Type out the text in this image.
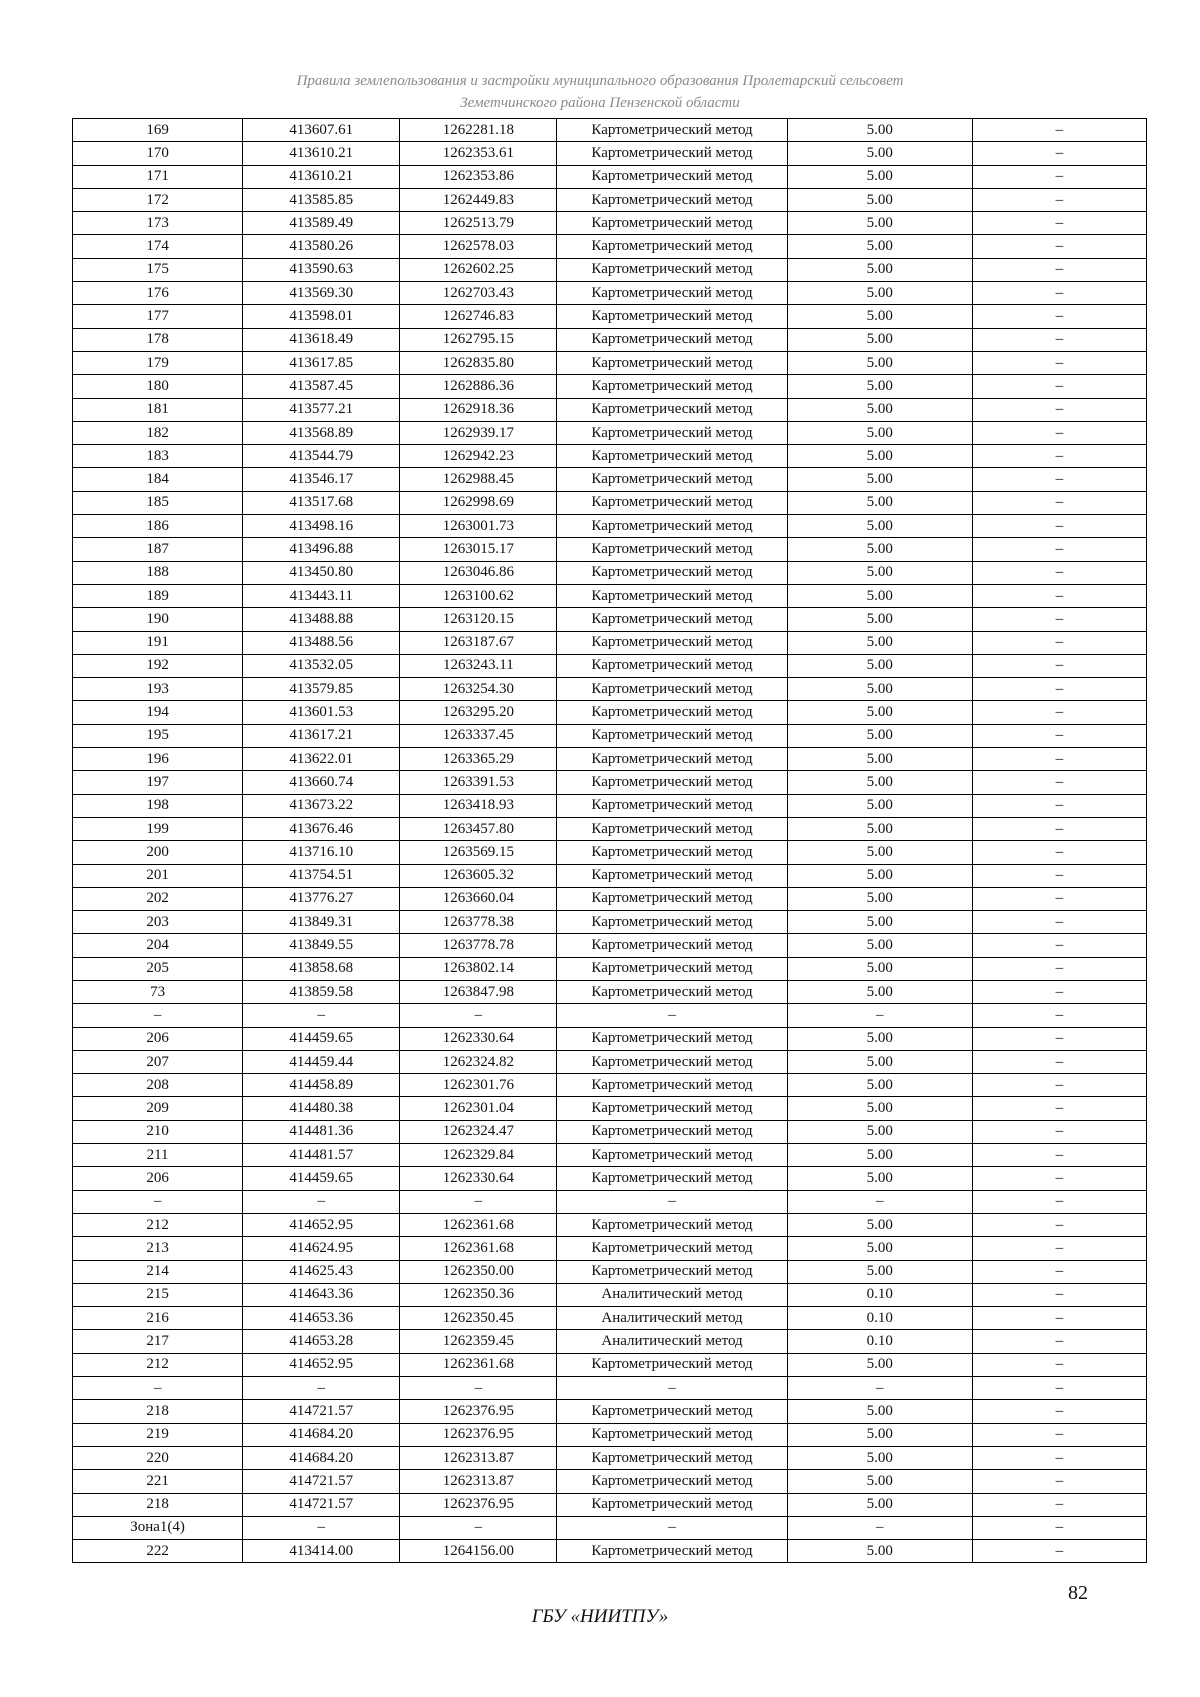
Правила землепользования и застройки муниципального образования Пролетарский сельсовет
Земетчинского района Пензенской области
169	413607.61	1262281.18	Картометрический метод	5.00	–
170	413610.21	1262353.61	Картометрический метод	5.00	–
171	413610.21	1262353.86	Картометрический метод	5.00	–
172	413585.85	1262449.83	Картометрический метод	5.00	–
173	413589.49	1262513.79	Картометрический метод	5.00	–
174	413580.26	1262578.03	Картометрический метод	5.00	–
175	413590.63	1262602.25	Картометрический метод	5.00	–
176	413569.30	1262703.43	Картометрический метод	5.00	–
177	413598.01	1262746.83	Картометрический метод	5.00	–
178	413618.49	1262795.15	Картометрический метод	5.00	–
179	413617.85	1262835.80	Картометрический метод	5.00	–
180	413587.45	1262886.36	Картометрический метод	5.00	–
181	413577.21	1262918.36	Картометрический метод	5.00	–
182	413568.89	1262939.17	Картометрический метод	5.00	–
183	413544.79	1262942.23	Картометрический метод	5.00	–
184	413546.17	1262988.45	Картометрический метод	5.00	–
185	413517.68	1262998.69	Картометрический метод	5.00	–
186	413498.16	1263001.73	Картометрический метод	5.00	–
187	413496.88	1263015.17	Картометрический метод	5.00	–
188	413450.80	1263046.86	Картометрический метод	5.00	–
189	413443.11	1263100.62	Картометрический метод	5.00	–
190	413488.88	1263120.15	Картометрический метод	5.00	–
191	413488.56	1263187.67	Картометрический метод	5.00	–
192	413532.05	1263243.11	Картометрический метод	5.00	–
193	413579.85	1263254.30	Картометрический метод	5.00	–
194	413601.53	1263295.20	Картометрический метод	5.00	–
195	413617.21	1263337.45	Картометрический метод	5.00	–
196	413622.01	1263365.29	Картометрический метод	5.00	–
197	413660.74	1263391.53	Картометрический метод	5.00	–
198	413673.22	1263418.93	Картометрический метод	5.00	–
199	413676.46	1263457.80	Картометрический метод	5.00	–
200	413716.10	1263569.15	Картометрический метод	5.00	–
201	413754.51	1263605.32	Картометрический метод	5.00	–
202	413776.27	1263660.04	Картометрический метод	5.00	–
203	413849.31	1263778.38	Картометрический метод	5.00	–
204	413849.55	1263778.78	Картометрический метод	5.00	–
205	413858.68	1263802.14	Картометрический метод	5.00	–
73	413859.58	1263847.98	Картометрический метод	5.00	–
–	–	–	–	–	–
206	414459.65	1262330.64	Картометрический метод	5.00	–
207	414459.44	1262324.82	Картометрический метод	5.00	–
208	414458.89	1262301.76	Картометрический метод	5.00	–
209	414480.38	1262301.04	Картометрический метод	5.00	–
210	414481.36	1262324.47	Картометрический метод	5.00	–
211	414481.57	1262329.84	Картометрический метод	5.00	–
206	414459.65	1262330.64	Картометрический метод	5.00	–
–	–	–	–	–	–
212	414652.95	1262361.68	Картометрический метод	5.00	–
213	414624.95	1262361.68	Картометрический метод	5.00	–
214	414625.43	1262350.00	Картометрический метод	5.00	–
215	414643.36	1262350.36	Аналитический метод	0.10	–
216	414653.36	1262350.45	Аналитический метод	0.10	–
217	414653.28	1262359.45	Аналитический метод	0.10	–
212	414652.95	1262361.68	Картометрический метод	5.00	–
–	–	–	–	–	–
218	414721.57	1262376.95	Картометрический метод	5.00	–
219	414684.20	1262376.95	Картометрический метод	5.00	–
220	414684.20	1262313.87	Картометрический метод	5.00	–
221	414721.57	1262313.87	Картометрический метод	5.00	–
218	414721.57	1262376.95	Картометрический метод	5.00	–
Зона1(4)	–	–	–	–	–
222	413414.00	1264156.00	Картометрический метод	5.00	–
82
ГБУ «НИИТПУ»
